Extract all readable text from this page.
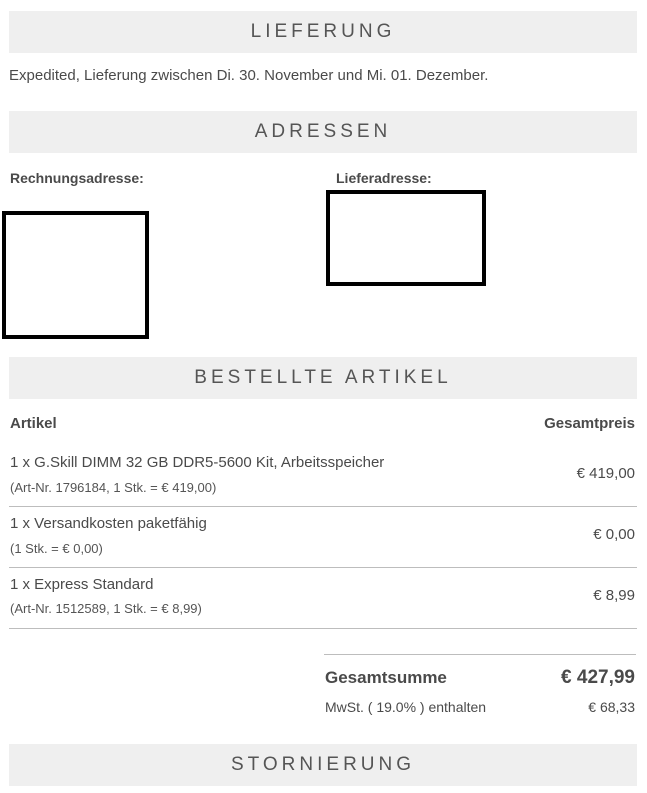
LIEFERUNG
Expedited, Lieferung zwischen Di. 30. November und Mi. 01. Dezember.
ADRESSEN
Rechnungsadresse:	Lieferadresse:
BESTELLTE ARTIKEL
Artikel	Gesamtpreis
1 x G.Skill DIMM 32 GB DDR5-5600 Kit, Arbeitsspeicher
(Art-Nr. 1796184, 1 Stk. = € 419,00)
€ 419,00
1 x Versandkosten paketfähig
(1 Stk. = € 0,00)
€ 0,00
1 x Express Standard
(Art-Nr. 1512589, 1 Stk. = € 8,99)
€ 8,99
Gesamtsumme	€ 427,99
MwSt. ( 19.0% ) enthalten	€ 68,33
STORNIERUNG
